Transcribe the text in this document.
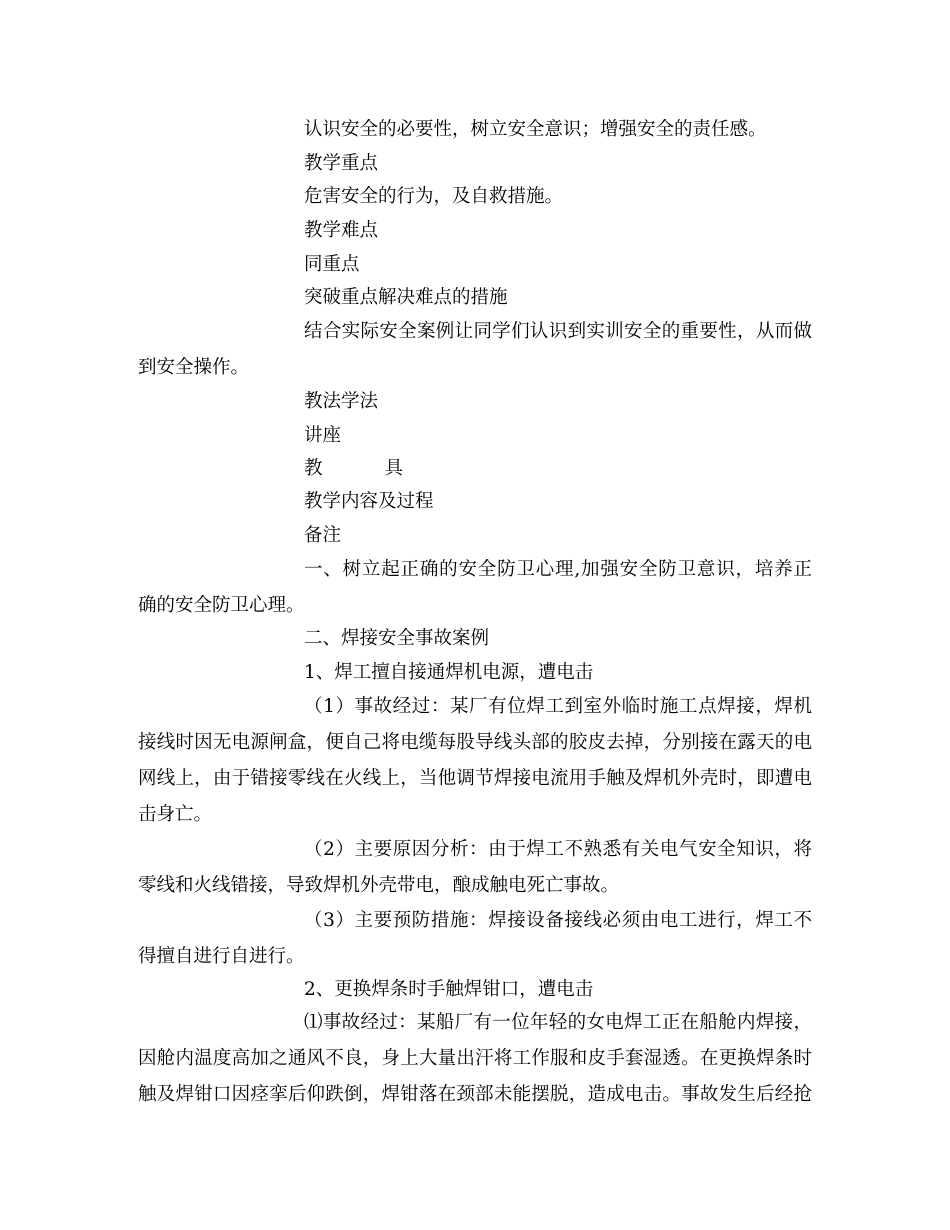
认识安全的必要性，树立安全意识；增强安全的责任感。
教学重点
危害安全的行为，及自救措施。
教学难点
同重点
突破重点解决难点的措施
结合实际安全案例让同学们认识到实训安全的重要性，从而做
到安全操作。
教法学法
讲座
教	具
教学内容及过程
备注
一、树立起正确的安全防卫心理,加强安全防卫意识，培养正
确的安全防卫心理。
二、焊接安全事故案例
1、焊工擅自接通焊机电源，遭电击
（1）事故经过：某厂有位焊工到室外临时施工点焊接，焊机
接线时因无电源闸盒，便自己将电缆每股导线头部的胶皮去掉，分别接在露天的电
网线上，由于错接零线在火线上，当他调节焊接电流用手触及焊机外壳时，即遭电
击身亡。
（2）主要原因分析：由于焊工不熟悉有关电气安全知识，将
零线和火线错接，导致焊机外壳带电，酿成触电死亡事故。
（3）主要预防措施：焊接设备接线必须由电工进行，焊工不
得擅自进行自进行。
2、更换焊条时手触焊钳口，遭电击
⑴事故经过：某船厂有一位年轻的女电焊工正在船舱内焊接，
因舱内温度高加之通风不良，身上大量出汗将工作服和皮手套湿透。在更换焊条时
触及焊钳口因痉挛后仰跌倒，焊钳落在颈部未能摆脱，造成电击。事故发生后经抢
